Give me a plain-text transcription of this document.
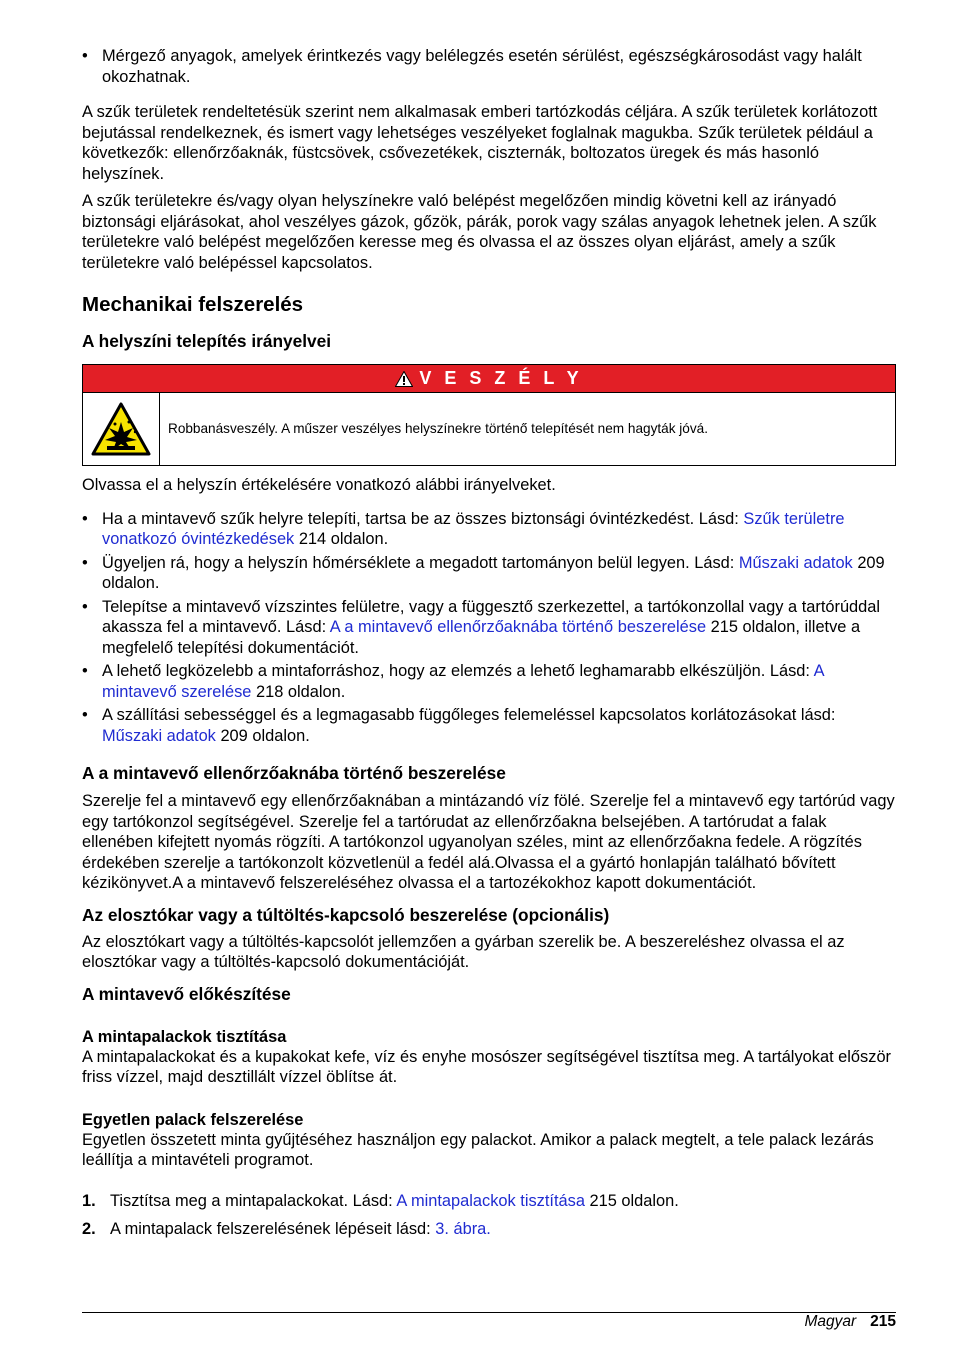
• Mérgező anyagok, amelyek érintkezés vagy belélegzés esetén sérülést, egészségkárosodást vagy halált okozhatnak.

A szűk területek rendeltetésük szerint nem alkalmasak emberi tartózkodás céljára. A szűk területek korlátozott bejutással rendelkeznek, és ismert vagy lehetséges veszélyeket foglalnak magukba. Szűk területek például a következők: ellenőrzőaknák, füstcsövek, csővezetékek, ciszternák, boltozatos üregek és más hasonló helyszínek.

A szűk területekre és/vagy olyan helyszínekre való belépést megelőzően mindig követni kell az irányadó biztonsági eljárásokat, ahol veszélyes gázok, gőzök, párák, porok vagy szálas anyagok lehetnek jelen. A szűk területekre való belépést megelőzően keresse meg és olvassa el az összes olyan eljárást, amely a szűk területekre való belépéssel kapcsolatos.

Mechanikai felszerelés
A helyszíni telepítés irányelvei
V E S Z É L Y
Robbanásveszély. A műszer veszélyes helyszínekre történő telepítését nem hagyták jóvá.

Olvassa el a helyszín értékelésére vonatkozó alábbi irányelveket.

• Ha a mintavevő szűk helyre telepíti, tartsa be az összes biztonsági óvintézkedést. Lásd: Szűk területre vonatkozó óvintézkedések 214 oldalon.
• Ügyeljen rá, hogy a helyszín hőmérséklete a megadott tartományon belül legyen. Lásd: Műszaki adatok 209 oldalon.
• Telepítse a mintavevő vízszintes felületre, vagy a függesztő szerkezettel, a tartókonzollal vagy a tartórúddal akassza fel a mintavevő. Lásd: A a mintavevő ellenőrzőaknába történő beszerelése 215 oldalon, illetve a megfelelő telepítési dokumentációt.
• A lehető legközelebb a mintaforráshoz, hogy az elemzés a lehető leghamarabb elkészüljön. Lásd: A mintavevő szerelése 218 oldalon.
• A szállítási sebességgel és a legmagasabb függőleges felemeléssel kapcsolatos korlátozásokat lásd: Műszaki adatok 209 oldalon.
A a mintavevő ellenőrzőaknába történő beszerelése

Szerelje fel a mintavevő egy ellenőrzőaknában a mintázandó víz fölé. Szerelje fel a mintavevő egy tartórúd vagy egy tartókonzol segítségével. Szerelje fel a tartórudat az ellenőrzőakna belsejében. A tartórudat a falak ellenében kifejtett nyomás rögzíti. A tartókonzol ugyanolyan széles, mint az ellenőrzőakna fedele. A rögzítés érdekében szerelje a tartókonzolt közvetlenül a fedél alá.Olvassa el a gyártó honlapján található bővített kézikönyvet.A a mintavevő felszereléséhez olvassa el a tartozékokhoz kapott dokumentációt.

Az elosztókar vagy a túltöltés-kapcsoló beszerelése (opcionális)

Az elosztókart vagy a túltöltés-kapcsolót jellemzően a gyárban szerelik be. A beszereléshez olvassa el az elosztókar vagy a túltöltés-kapcsoló dokumentációját.

A mintavevő előkészítése
A mintapalackok tisztítása

A mintapalackokat és a kupakokat kefe, víz és enyhe mosószer segítségével tisztítsa meg. A tartályokat először friss vízzel, majd desztillált vízzel öblítse át.

Egyetlen palack felszerelése

Egyetlen összetett minta gyűjtéséhez használjon egy palackot. Amikor a palack megtelt, a tele palack lezárás leállítja a mintavételi programot.

1. Tisztítsa meg a mintapalackokat. Lásd: A mintapalackok tisztítása 215 oldalon.
2. A mintapalack felszerelésének lépéseit lásd: 3. ábra.
Magyar 215
